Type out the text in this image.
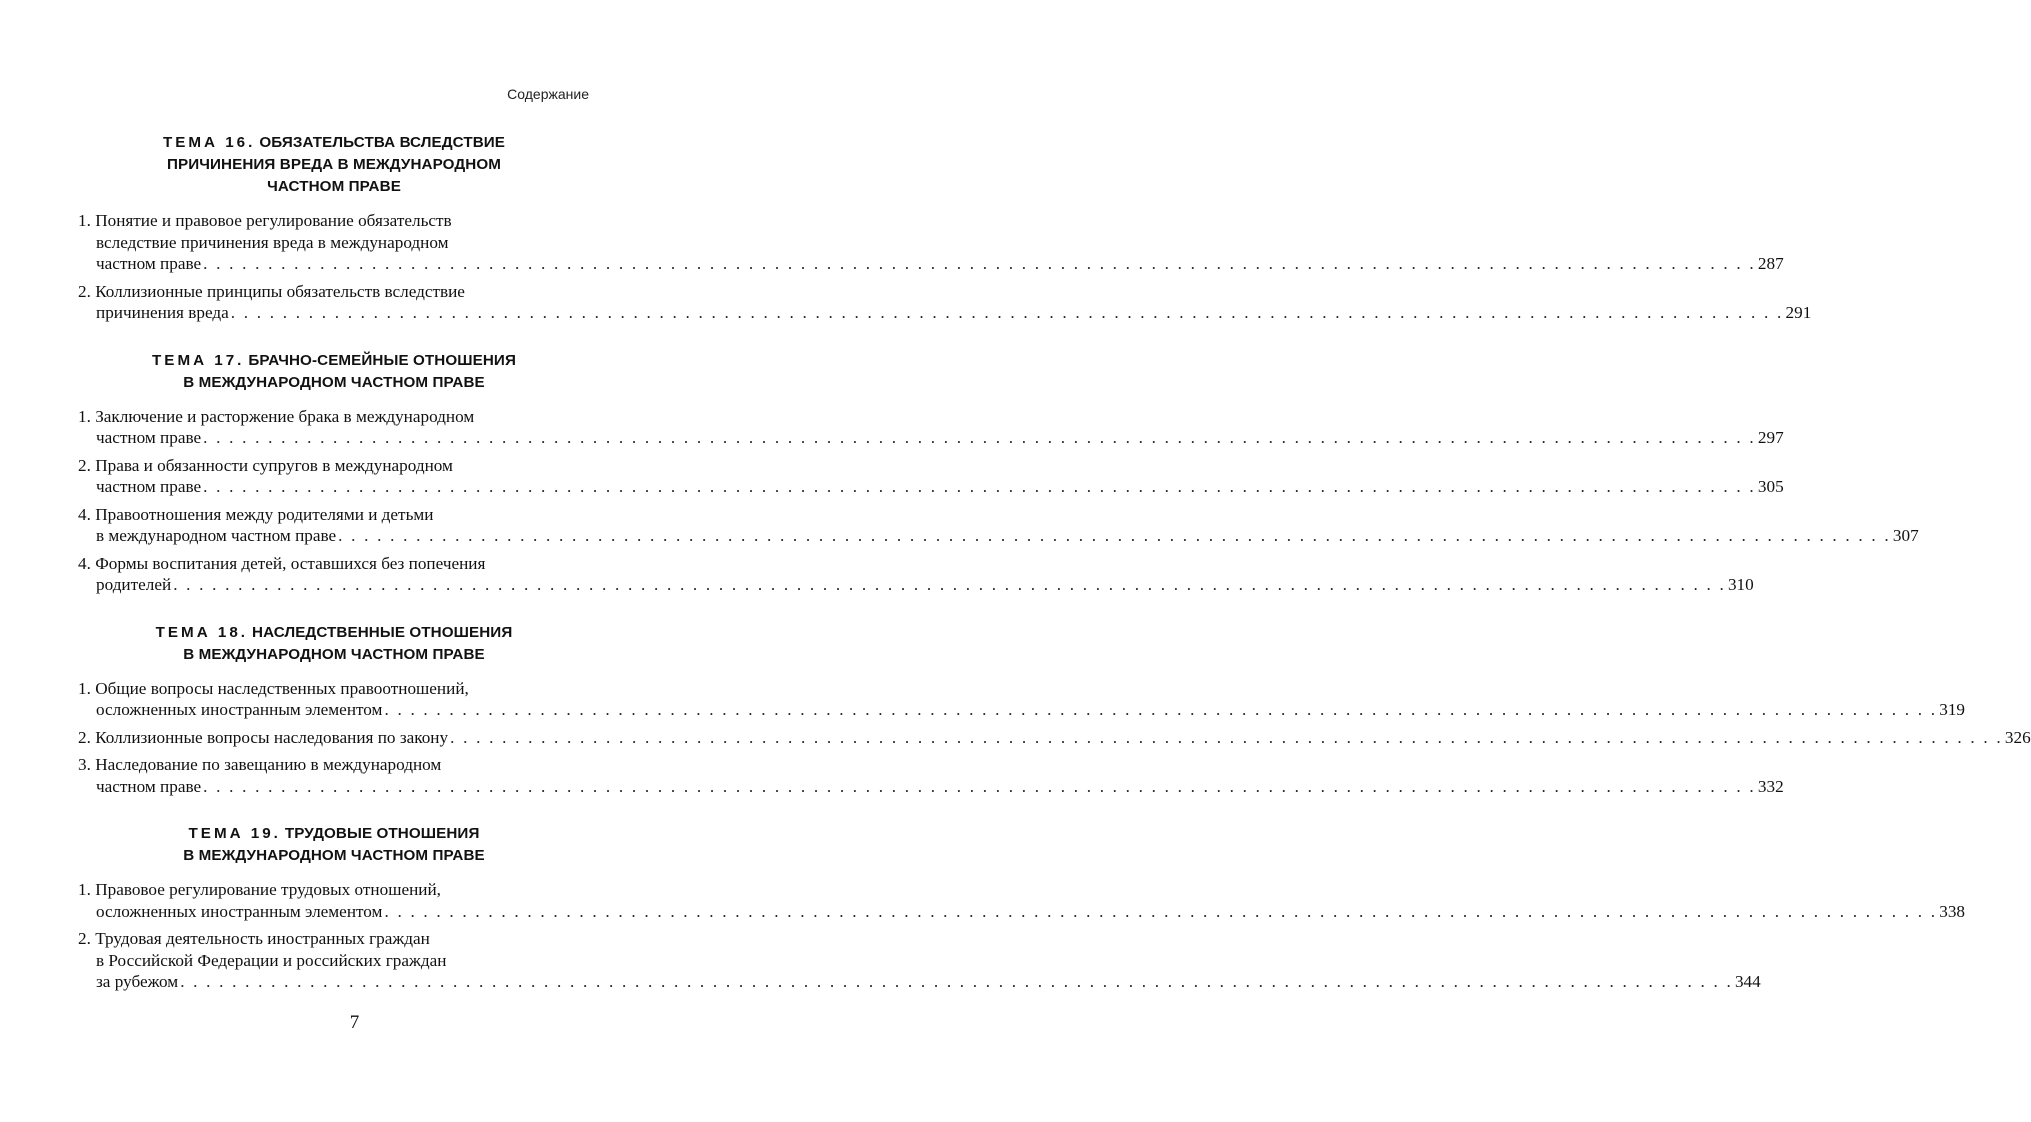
Содержание
ТЕМА 16. ОБЯЗАТЕЛЬСТВА ВСЛЕДСТВИЕ
ПРИЧИНЕНИЯ ВРЕДА В МЕЖДУНАРОДНОМ
ЧАСТНОМ ПРАВЕ
1. Понятие и правовое регулирование обязательств
вследствие причинения вреда в международном
частном праве . . . . . . . . . . . . . . . . . . . . . . . . . . . . . . . . . . . . . . . . . . . . . . . . . . . . . . . . . . . . . . . . . . . . . . . . . . . . . . . . . . . . . . . . . . . . . . . . . . . . . . . . . . . . . . . . . . . . . . . . 287
2. Коллизионные принципы обязательств вследствие
причинения вреда . . . . . . . . . . . . . . . . . . . . . . . . . . . . . . . . . . . . . . . . . . . . . . . . . . . . . . . . . . . . . . . . . . . . . . . . . . . . . . . . . . . . . . . . . . . . . . . . . . . . . . . . . . . . . . . . . . . . . . . . 291
ТЕМА 17. БРАЧНО-СЕМЕЙНЫЕ ОТНОШЕНИЯ
В МЕЖДУНАРОДНОМ ЧАСТНОМ ПРАВЕ
1. Заключение и расторжение брака в международном
частном праве . . . . . . . . . . . . . . . . . . . . . . . . . . . . . . . . . . . . . . . . . . . . . . . . . . . . . . . . . . . . . . . . . . . . . . . . . . . . . . . . . . . . . . . . . . . . . . . . . . . . . . . . . . . . . . . . . . . . . . . . 297
2. Права и обязанности супругов в международном
частном праве . . . . . . . . . . . . . . . . . . . . . . . . . . . . . . . . . . . . . . . . . . . . . . . . . . . . . . . . . . . . . . . . . . . . . . . . . . . . . . . . . . . . . . . . . . . . . . . . . . . . . . . . . . . . . . . . . . . . . . . . 305
4. Правоотношения между родителями и детьми
в международном частном праве . . . . . . . . . . . . . . . . . . . . . . . . . . . . . . . . . . . . . . . . . . . . . . . . . . . . . . . . . . . . . . . . . . . . . . . . . . . . . . . . . . . . . . . . . . . . . . . . . . . . . . . . . . . . . . . . . . . . . . . . 307
4. Формы воспитания детей, оставшихся без попечения
родителей . . . . . . . . . . . . . . . . . . . . . . . . . . . . . . . . . . . . . . . . . . . . . . . . . . . . . . . . . . . . . . . . . . . . . . . . . . . . . . . . . . . . . . . . . . . . . . . . . . . . . . . . . . . . . . . . . . . . . . . . 310
ТЕМА 18. НАСЛЕДСТВЕННЫЕ ОТНОШЕНИЯ
В МЕЖДУНАРОДНОМ ЧАСТНОМ ПРАВЕ
1. Общие вопросы наследственных правоотношений,
осложненных иностранным элементом . . . . . . . . . . . . . . . . . . . . . . . . . . . . . . . . . . . . . . . . . . . . . . . . . . . . . . . . . . . . . . . . . . . . . . . . . . . . . . . . . . . . . . . . . . . . . . . . . . . . . . . . . . . . . . . . . . . . . . . . 319
2. Коллизионные вопросы наследования по закону . . . . . . . . . . . . . . . . . . . . . . . . . . . . . . . . . . . . . . . . . . . . . . . . . . . . . . . . . . . . . . . . . . . . . . . . . . . . . . . . . . . . . . . . . . . . . . . . . . . . . . . . . . . . . . . . . . . . . . . . 326
3. Наследование по завещанию в международном
частном праве . . . . . . . . . . . . . . . . . . . . . . . . . . . . . . . . . . . . . . . . . . . . . . . . . . . . . . . . . . . . . . . . . . . . . . . . . . . . . . . . . . . . . . . . . . . . . . . . . . . . . . . . . . . . . . . . . . . . . . . . 332
ТЕМА 19. ТРУДОВЫЕ ОТНОШЕНИЯ
В МЕЖДУНАРОДНОМ ЧАСТНОМ ПРАВЕ
1. Правовое регулирование трудовых отношений,
осложненных иностранным элементом . . . . . . . . . . . . . . . . . . . . . . . . . . . . . . . . . . . . . . . . . . . . . . . . . . . . . . . . . . . . . . . . . . . . . . . . . . . . . . . . . . . . . . . . . . . . . . . . . . . . . . . . . . . . . . . . . . . . . . . . 338
2. Трудовая деятельность иностранных граждан
в Российской Федерации и российских граждан
за рубежом . . . . . . . . . . . . . . . . . . . . . . . . . . . . . . . . . . . . . . . . . . . . . . . . . . . . . . . . . . . . . . . . . . . . . . . . . . . . . . . . . . . . . . . . . . . . . . . . . . . . . . . . . . . . . . . . . . . . . . . . 344
7
